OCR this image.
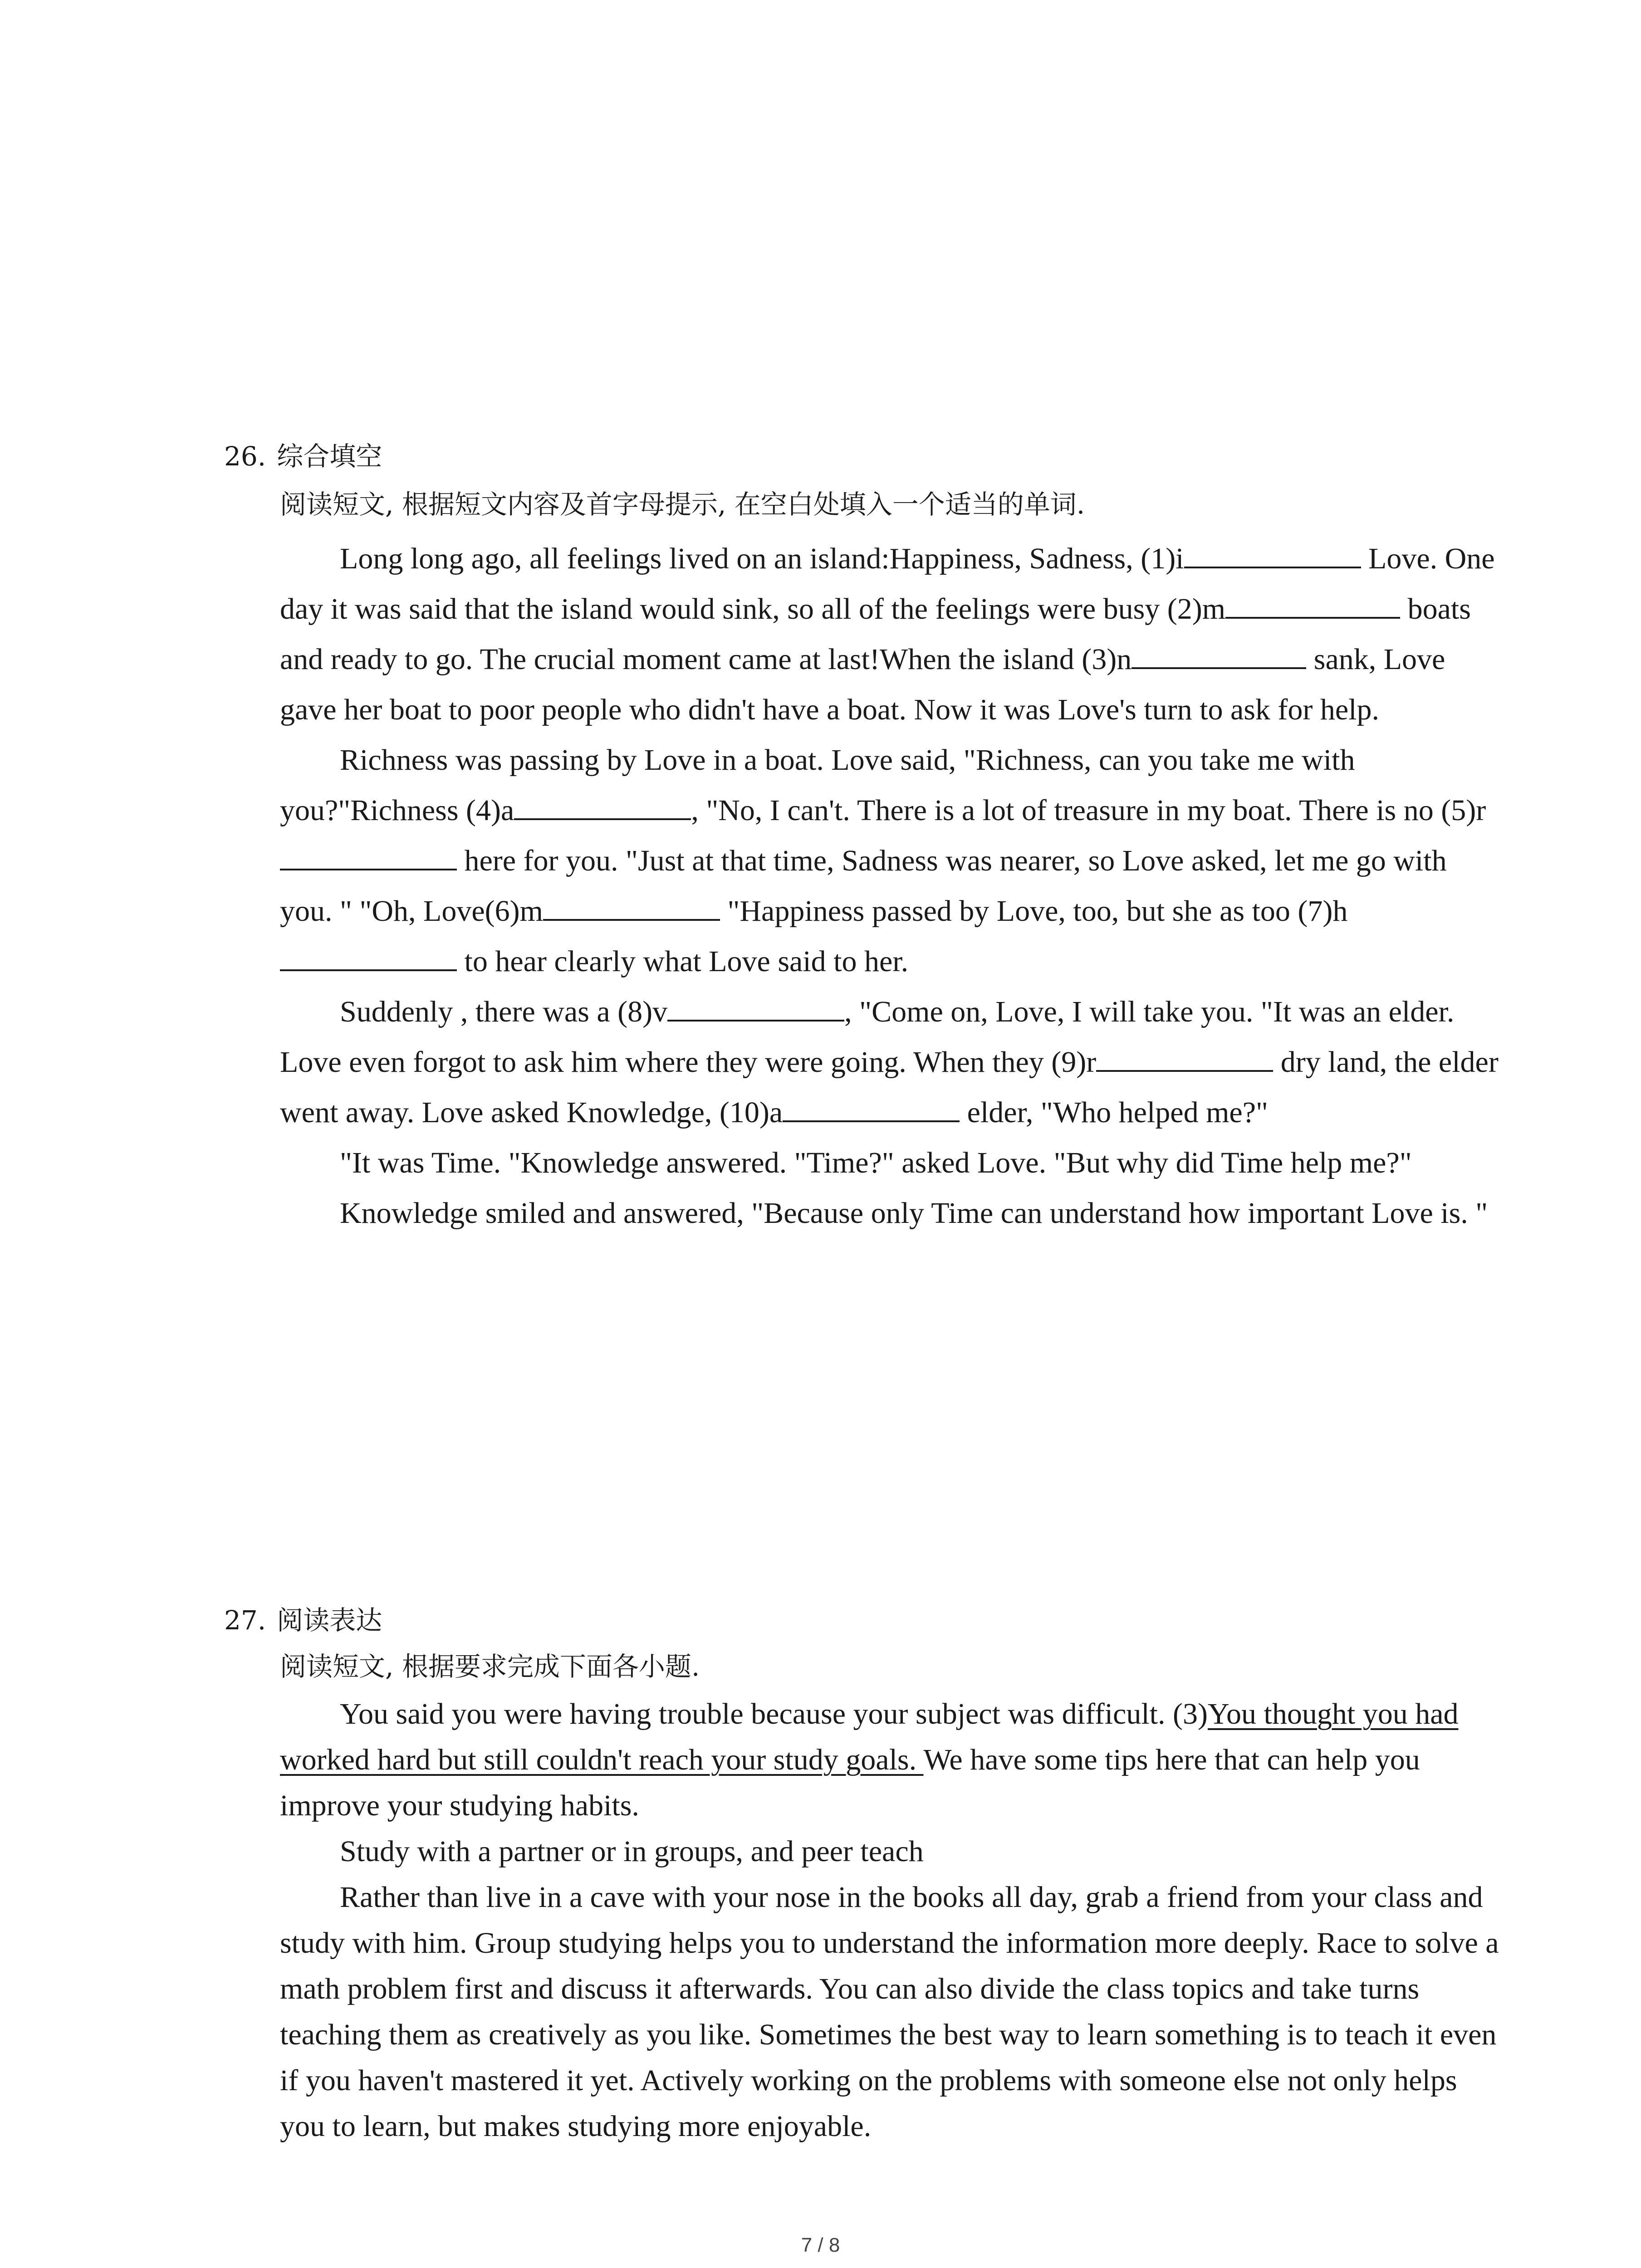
26. 综合填空
阅读短文, 根据短文内容及首字母提示, 在空白处填入一个适当的单词.

Long long ago, all feelings lived on an island:Happiness, Sadness, (1)i	Love. One day it was said that the island would sink, so all of the feelings were busy (2)m	boats and ready to go. The crucial moment came at last!When the island (3)n	sank, Love gave her boat to poor people who didn't have a boat. Now it was Love's turn to ask for help.

Richness was passing by Love in a boat. Love said, "Richness, can you take me with you?"Richness (4)a	, "No, I can't. There is a lot of treasure in my boat. There is no (5)r here for you. "Just at that time, Sadness was nearer, so Love asked, let me go with you. " "Oh, Love(6)m	"Happiness passed by Love, too, but she as too (7)h to hear clearly what Love said to her.

Suddenly , there was a (8)v	, "Come on, Love, I will take you. "It was an elder. Love even forgot to ask him where they were going. When they (9)r	dry land, the elder went away. Love asked Knowledge, (10)a	elder, "Who helped me?"

"It was Time. "Knowledge answered. "Time?" asked Love. "But why did Time help me?"

Knowledge smiled and answered, "Because only Time can understand how important Love is. "

27. 阅读表达
阅读短文, 根据要求完成下面各小题.

You said you were having trouble because your subject was difficult. (3)You thought you had worked hard but still couldn't reach your study goals. We have some tips here that can help you improve your studying habits.

Study with a partner or in groups, and peer teach

Rather than live in a cave with your nose in the books all day, grab a friend from your class and study with him. Group studying helps you to understand the information more deeply. Race to solve a math problem first and discuss it afterwards. You can also divide the class topics and take turns teaching them as creatively as you like. Sometimes the best way to learn something is to teach it even if you haven't mastered it yet. Actively working on the problems with someone else not only helps you to learn, but makes studying more enjoyable.

7 / 8
